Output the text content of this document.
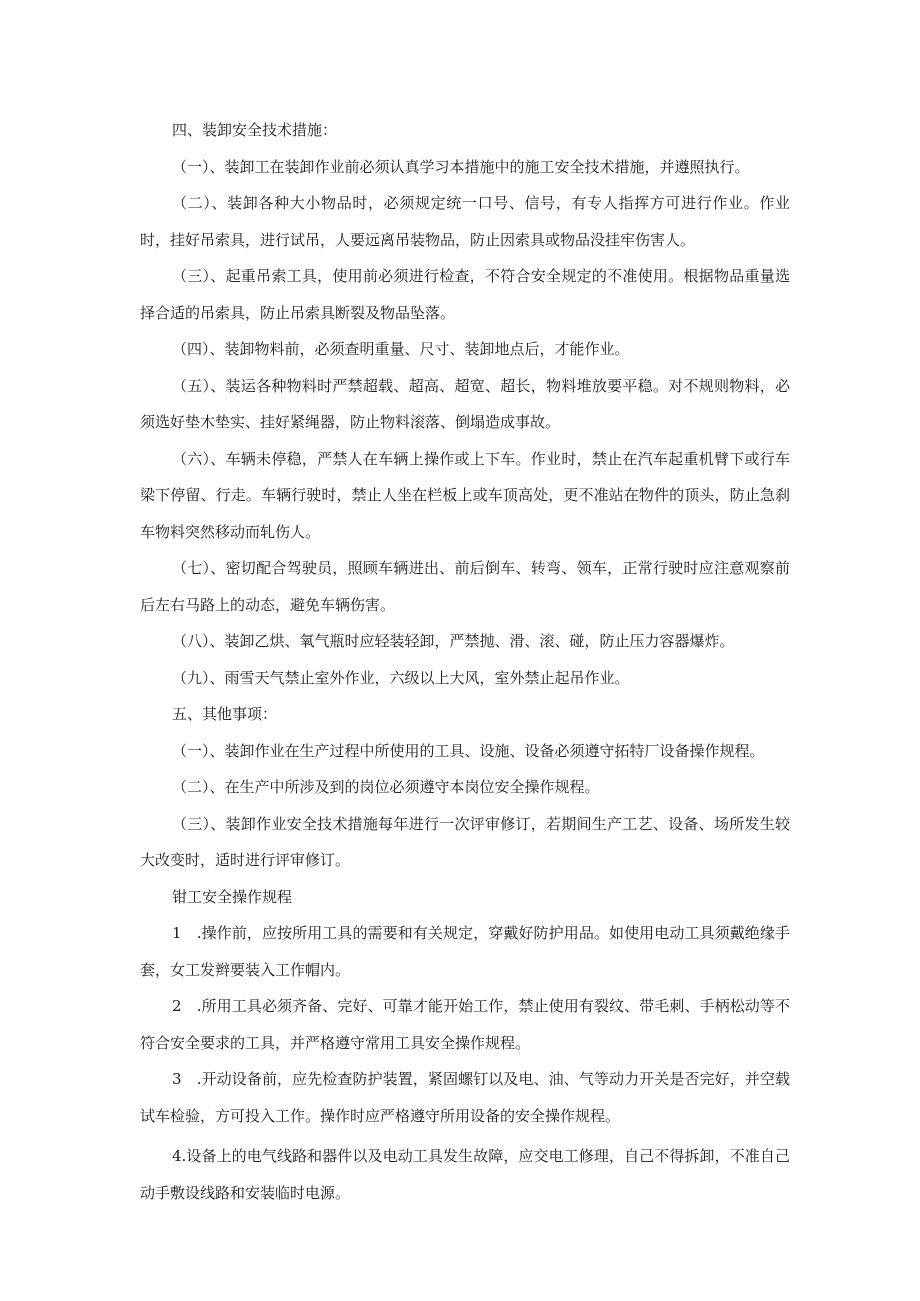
四、装卸安全技术措施：

（一）、装卸工在装卸作业前必须认真学习本措施中的施工安全技术措施，并遵照执行。

（二）、装卸各种大小物品时，必须规定统一口号、信号，有专人指挥方可进行作业。作业时，挂好吊索具，进行试吊，人要远离吊装物品，防止因索具或物品没挂牢伤害人。

（三）、起重吊索工具，使用前必须进行检查，不符合安全规定的不准使用。根据物品重量选择合适的吊索具，防止吊索具断裂及物品坠落。

（四）、装卸物料前，必须查明重量、尺寸、装卸地点后，才能作业。

（五）、装运各种物料时严禁超载、超高、超宽、超长，物料堆放要平稳。对不规则物料，必须选好垫木垫实、挂好紧绳器，防止物料滚落、倒塌造成事故。

（六）、车辆未停稳，严禁人在车辆上操作或上下车。作业时，禁止在汽车起重机臂下或行车梁下停留、行走。车辆行驶时，禁止人坐在栏板上或车顶高处，更不准站在物件的顶头，防止急刹车物料突然移动而轧伤人。

（七）、密切配合驾驶员，照顾车辆进出、前后倒车、转弯、领车，正常行驶时应注意观察前后左右马路上的动态，避免车辆伤害。

（八）、装卸乙烘、氧气瓶时应轻装轻卸，严禁抛、滑、滚、碰，防止压力容器爆炸。

（九）、雨雪天气禁止室外作业，六级以上大风，室外禁止起吊作业。

五、其他事项：

（一）、装卸作业在生产过程中所使用的工具、设施、设备必须遵守拓特厂设备操作规程。

（二）、在生产中所涉及到的岗位必须遵守本岗位安全操作规程。

（三）、装卸作业安全技术措施每年进行一次评审修订，若期间生产工艺、设备、场所发生较大改变时，适时进行评审修订。

钳工安全操作规程

1　.操作前，应按所用工具的需要和有关规定，穿戴好防护用品。如使用电动工具须戴绝缘手套，女工发辫要装入工作帽内。

2　.所用工具必须齐备、完好、可靠才能开始工作，禁止使用有裂纹、带毛刺、手柄松动等不符合安全要求的工具，并严格遵守常用工具安全操作规程。

3　.开动设备前，应先检查防护装置，紧固螺钉以及电、油、气等动力开关是否完好，并空载试车检验，方可投入工作。操作时应严格遵守所用设备的安全操作规程。

4.设备上的电气线路和器件以及电动工具发生故障，应交电工修理，自己不得拆卸，不准自己动手敷设线路和安装临时电源。
